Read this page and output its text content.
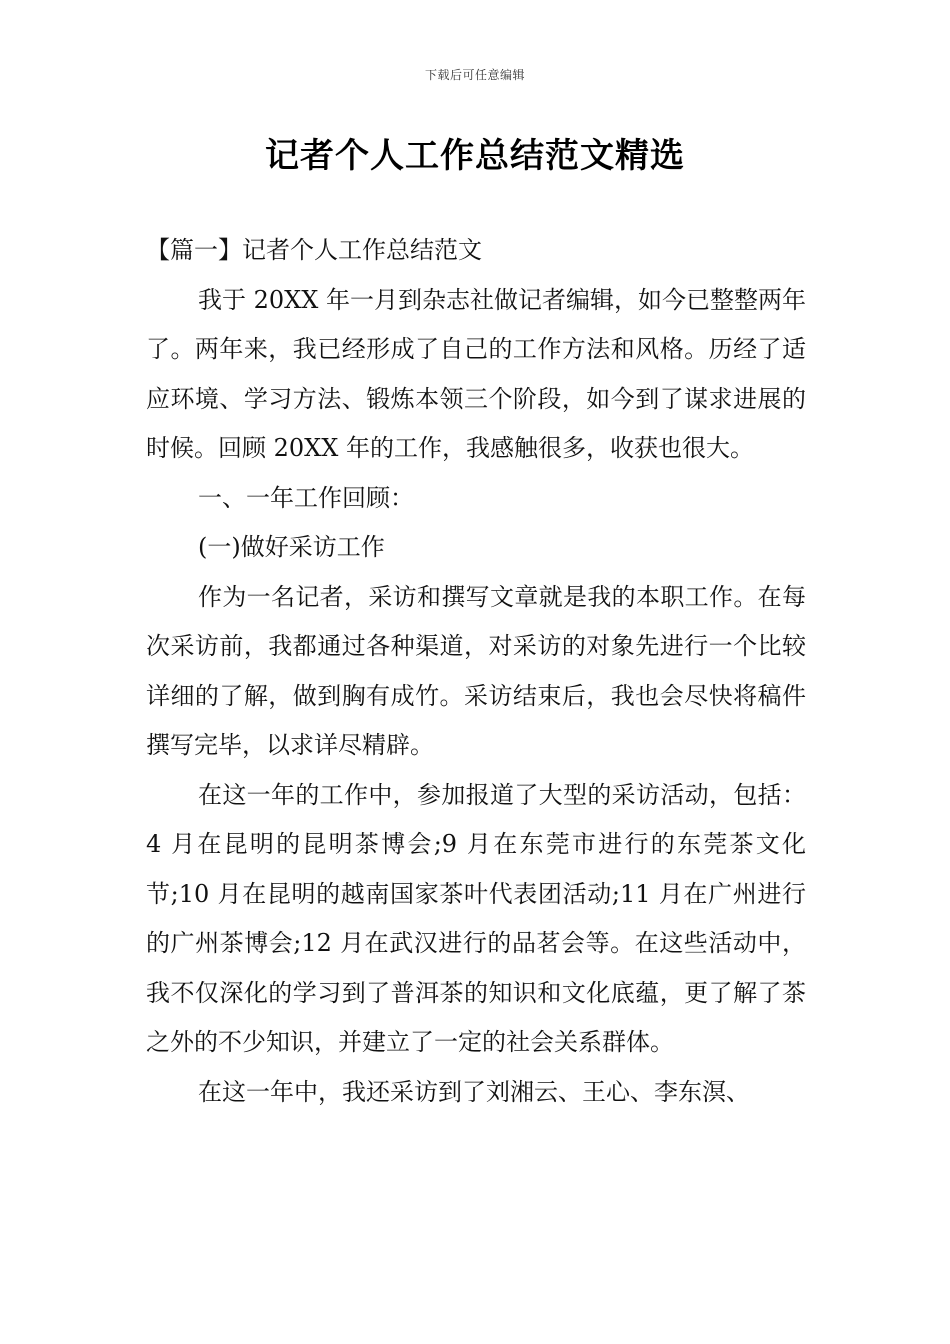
下载后可任意编辑
记者个人工作总结范文精选

【篇一】记者个人工作总结范文

我于 20XX 年一月到杂志社做记者编辑，如今已整整两年了。两年来，我已经形成了自己的工作方法和风格。历经了适应环境、学习方法、锻炼本领三个阶段，如今到了谋求进展的时候。回顾 20XX 年的工作，我感触很多，收获也很大。

一、一年工作回顾：

(一)做好采访工作

作为一名记者，采访和撰写文章就是我的本职工作。在每次采访前，我都通过各种渠道，对采访的对象先进行一个比较详细的了解，做到胸有成竹。采访结束后，我也会尽快将稿件撰写完毕，以求详尽精辟。

在这一年的工作中，参加报道了大型的采访活动，包括：4 月在昆明的昆明茶博会;9 月在东莞市进行的东莞茶文化节;10 月在昆明的越南国家茶叶代表团活动;11 月在广州进行的广州茶博会;12 月在武汉进行的品茗会等。在这些活动中，我不仅深化的学习到了普洱茶的知识和文化底蕴，更了解了茶之外的不少知识，并建立了一定的社会关系群体。

在这一年中，我还采访到了刘湘云、王心、李东溟、
